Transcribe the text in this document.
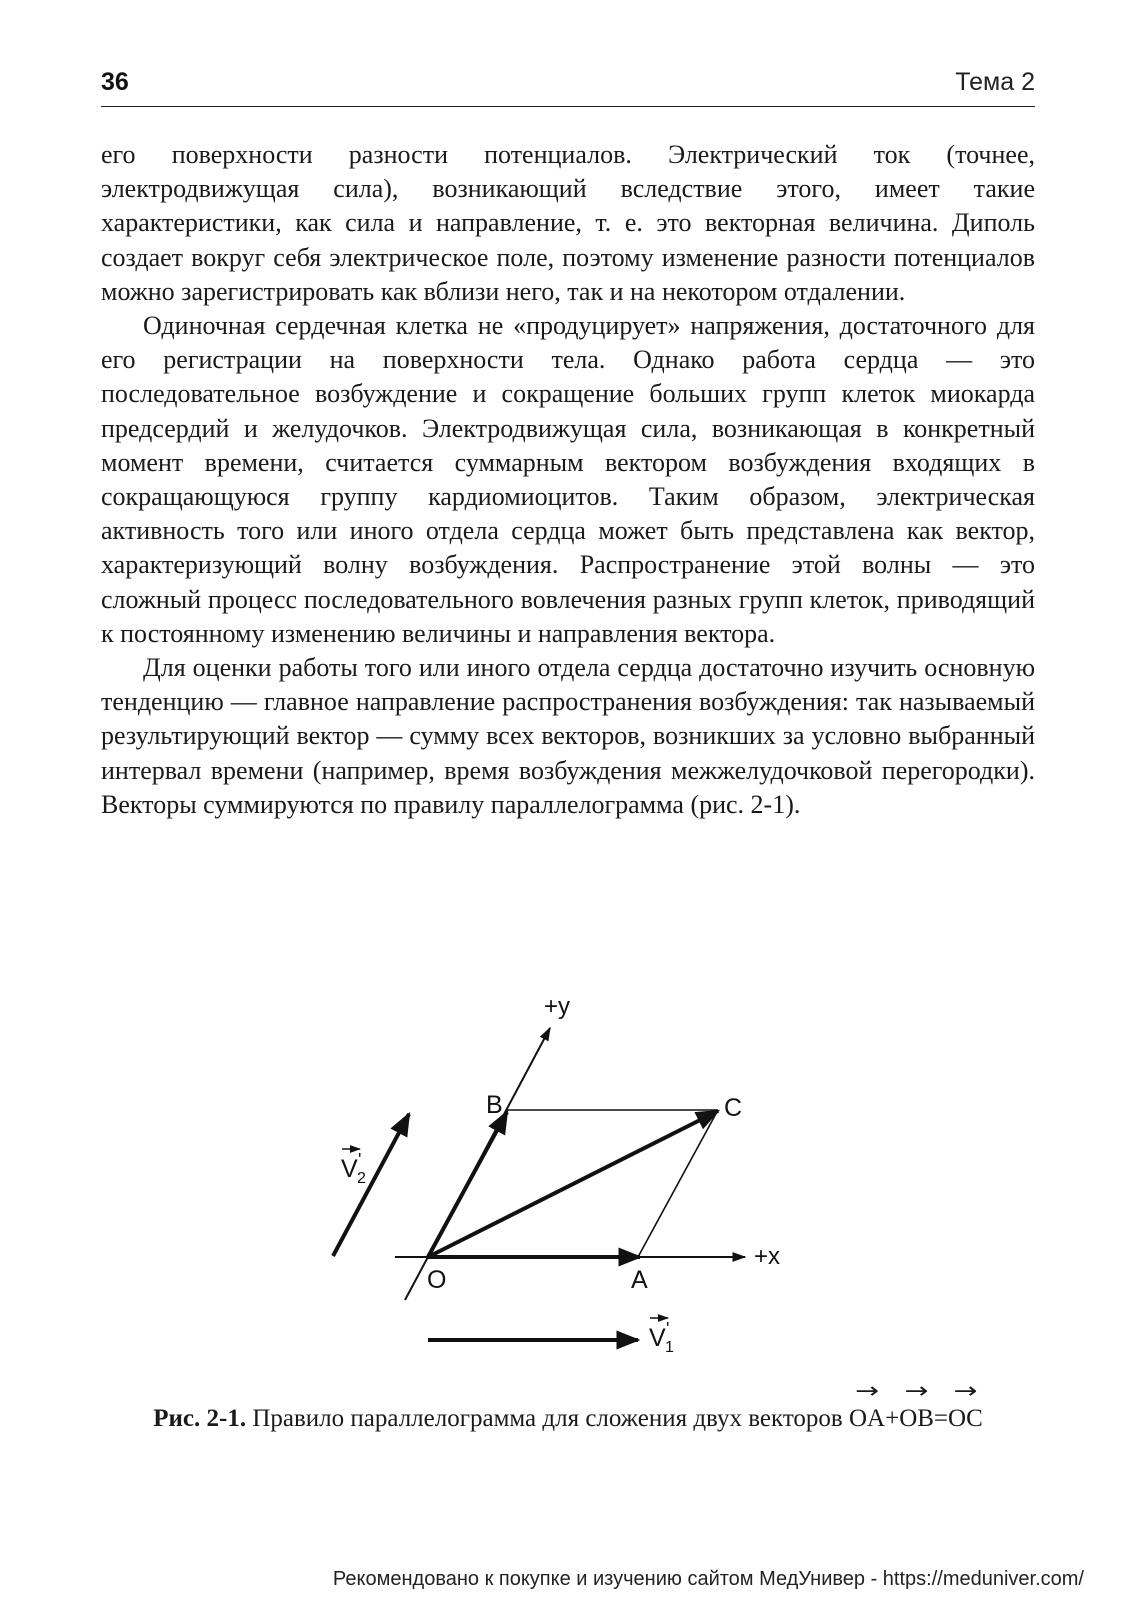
36	Тема 2

его поверхности разности потенциалов. Электрический ток (точнее, электродвижущая сила), возникающий вследствие этого, имеет такие характеристики, как сила и направление, т. е. это векторная величина. Диполь создает вокруг себя электрическое поле, поэтому изменение разности потенциалов можно зарегистрировать как вблизи него, так и на некотором отдалении.

Одиночная сердечная клетка не «продуцирует» напряжения, достаточного для его регистрации на поверхности тела. Однако работа сердца — это последовательное возбуждение и сокращение больших групп клеток миокарда предсердий и желудочков. Электродвижущая сила, возникающая в конкретный момент времени, считается суммарным вектором возбуждения входящих в сокращающуюся группу кардиомиоцитов. Таким образом, электрическая активность того или иного отдела сердца может быть представлена как вектор, характеризующий волну возбуждения. Распространение этой волны — это сложный процесс последовательного вовлечения разных групп клеток, приводящий к постоянному изменению величины и направления вектора.

Для оценки работы того или иного отдела сердца достаточно изучить основную тенденцию — главное направление распространения возбуждения: так называемый результирующий вектор — сумму всех векторов, возникших за условно выбранный интервал времени (например, время возбуждения межжелудочковой перегородки). Векторы суммируются по правилу параллелограмма (рис. 2-1).

+y
+x
O	A
B	C
V '
2
V '
1
Рис. 2-1. Правило параллелограмма для сложения двух векторов → OA+→ OB=→ OC
Рекомендовано к покупке и изучению сайтом МедУнивер - https://meduniver.com/
